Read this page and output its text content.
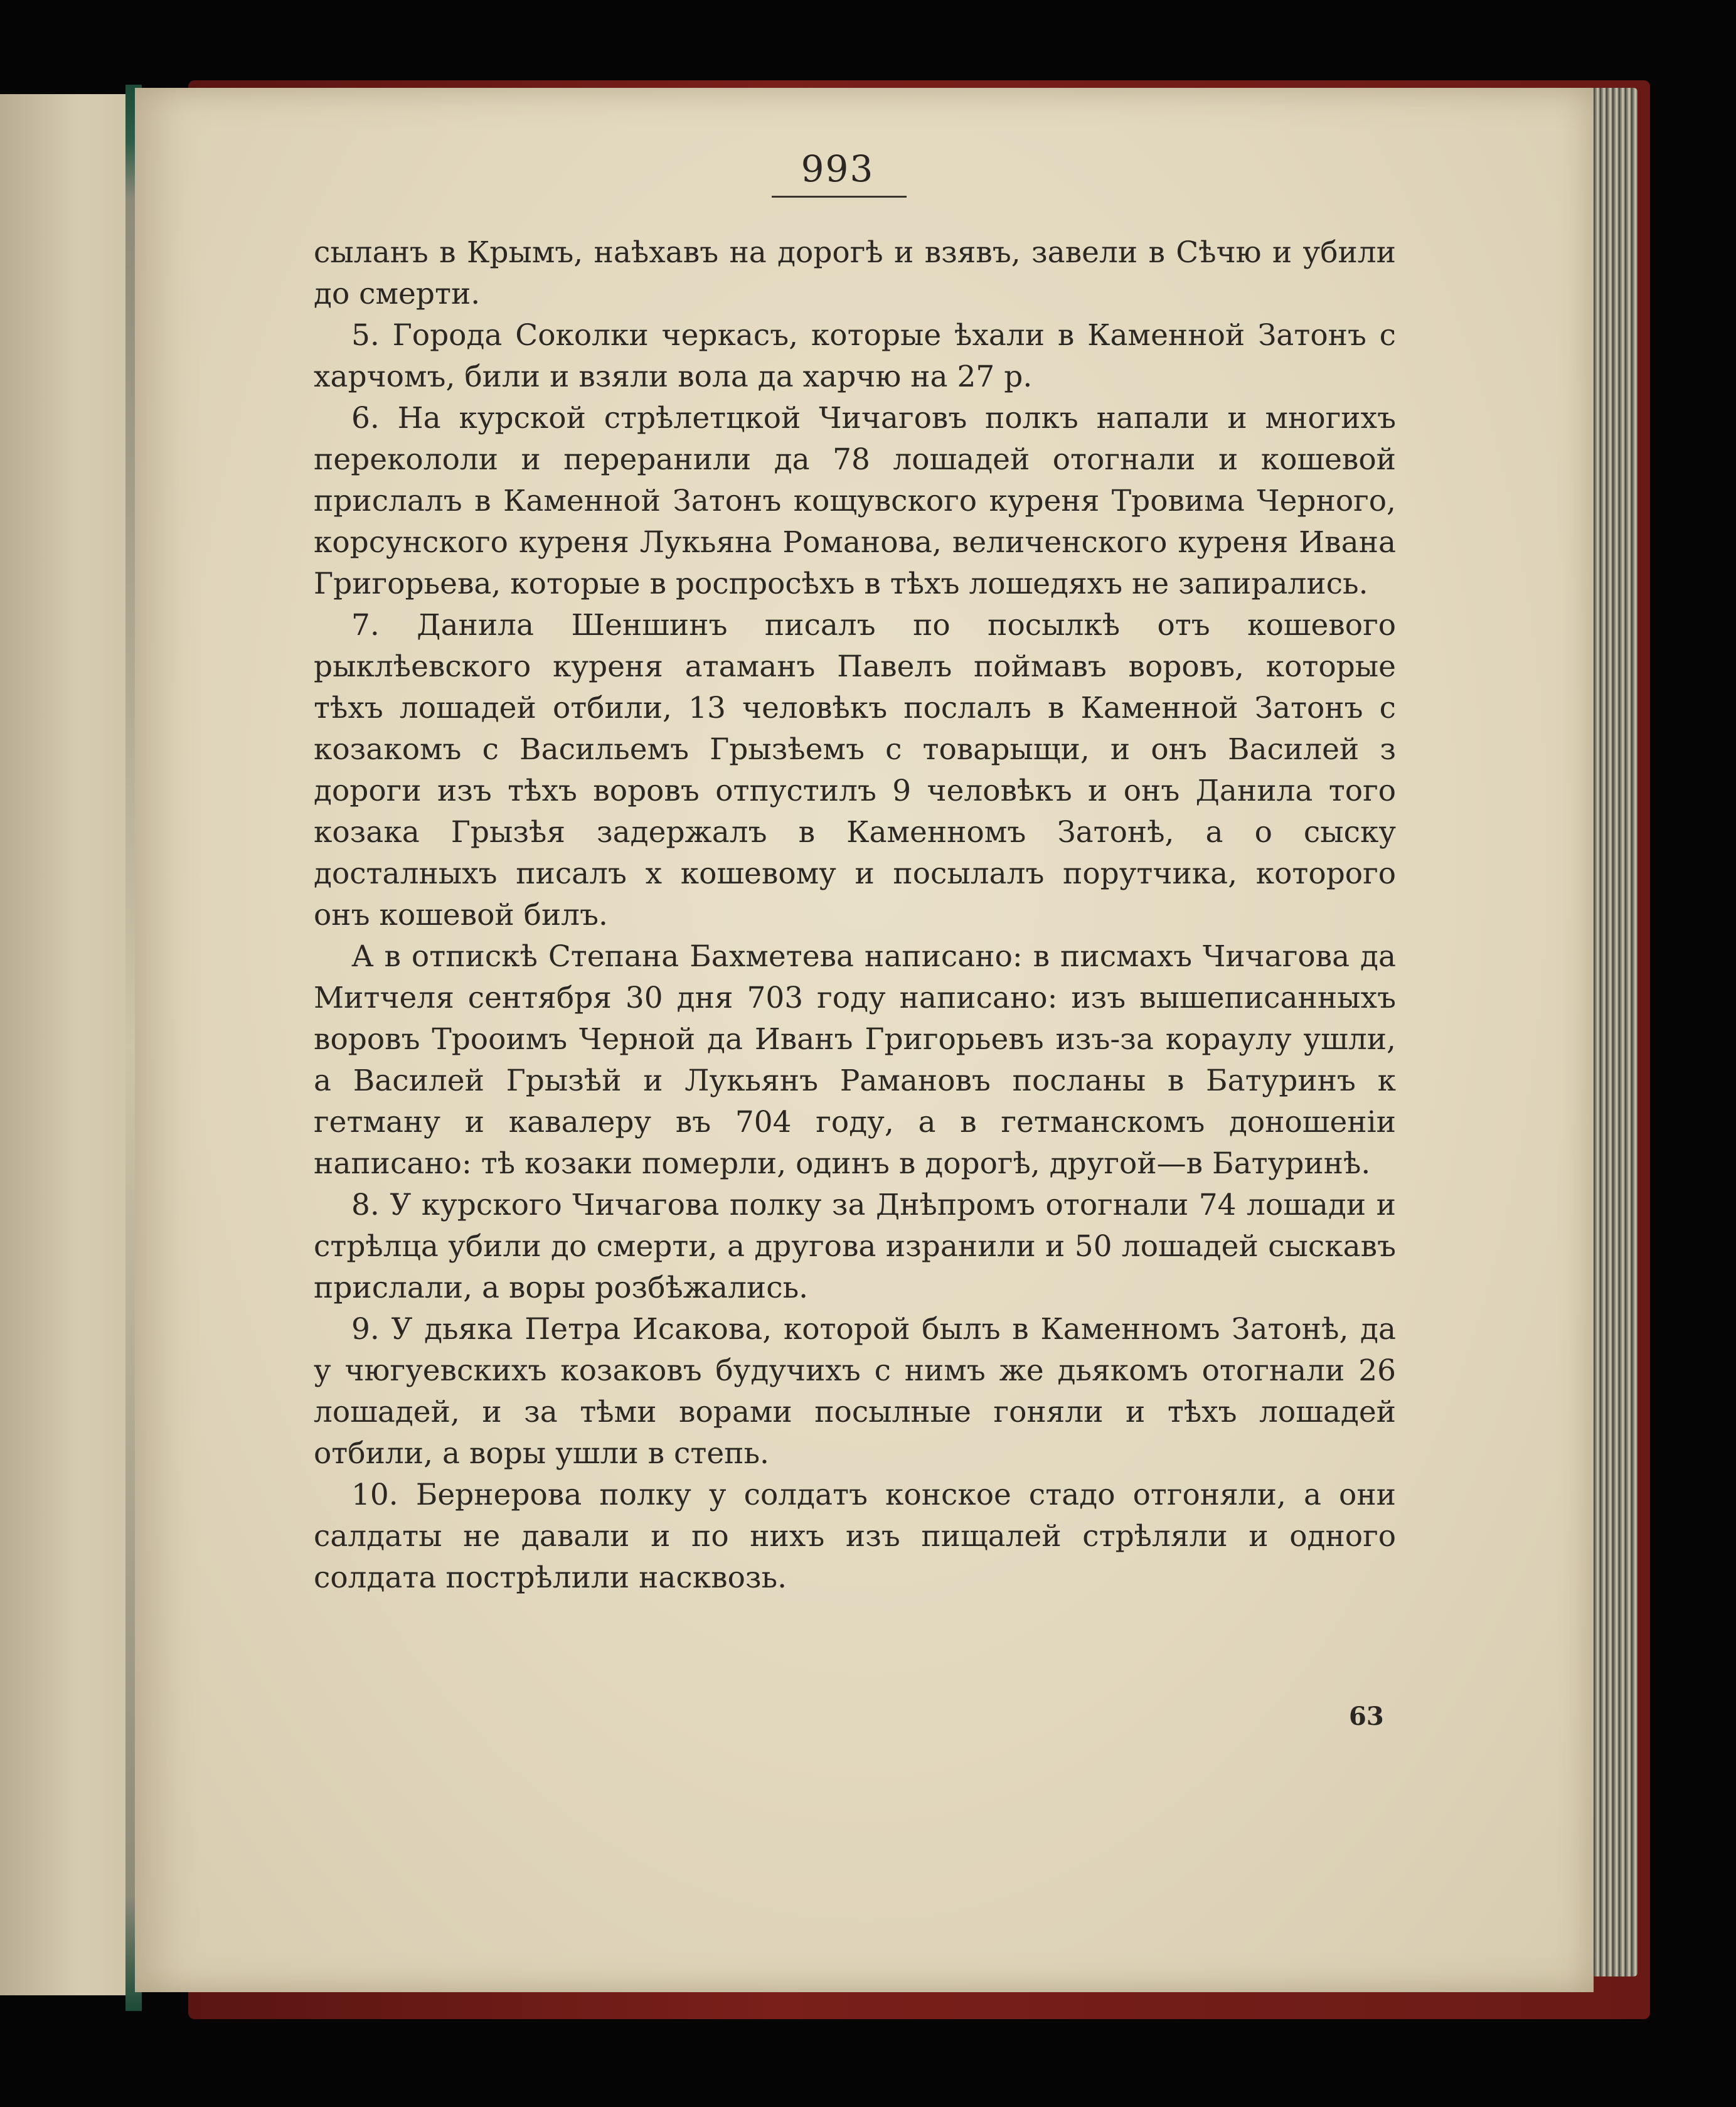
993

сыланъ в Крымъ, наѣхавъ на дорогѣ и взявъ, завели в Сѣчю и убили до смерти.

5. Города Соколки черкасъ, которые ѣхали в Каменной Затонъ с харчомъ, били и взяли вола да харчю на 27 р.

6. На курской стрѣлетцкой Чичаговъ полкъ напали и многихъ перекололи и переранили да 78 лошадей отогнали и кошевой прислалъ в Каменной Затонъ кощувского куреня Тровима Черного, корсунского куреня Лукьяна Романова, величенского куреня Ивана Григорьева, которые в роспросѣхъ в тѣхъ лошедяхъ не запирались.

7. Данила Шеншинъ писалъ по посылкѣ отъ кошевого рыклѣевского куреня атаманъ Павелъ поймавъ воровъ, которые тѣхъ лошадей отбили, 13 человѣкъ послалъ в Каменной Затонъ с козакомъ с Васильемъ Грызѣемъ с товарыщи, и онъ Василей з дороги изъ тѣхъ воровъ отпустилъ 9 человѣкъ и онъ Данила того козака Грызѣя задержалъ в Каменномъ Затонѣ, а о сыску досталныхъ писалъ х кошевому и посылалъ порутчика, которого онъ кошевой билъ.

А в отпискѣ Степана Бахметева написано: в писмахъ Чичагова да Митчеля сентября 30 дня 703 году написано: изъ вышеписанныхъ воровъ Трооимъ Черной да Иванъ Григорьевъ изъ-за кораулу ушли, а Василей Грызѣй и Лукьянъ Рамановъ посланы в Батуринъ к гетману и кавалеру въ 704 году, а в гетманскомъ доношенiи написано: тѣ козаки померли, одинъ в дорогѣ, другой—в Батуринѣ.

8. У курского Чичагова полку за Днѣпромъ отогнали 74 лошади и стрѣлца убили до смерти, а другова изранили и 50 лошадей сыскавъ прислали, а воры розбѣжались.

9. У дьяка Петра Исакова, которой былъ в Каменномъ Затонѣ, да у чюгуевскихъ козаковъ будучихъ с нимъ же дьякомъ отогнали 26 лошадей, и за тѣми ворами посылные гоняли и тѣхъ лошадей отбили, а воры ушли в степь.

10. Бернерова полку у солдатъ конское стадо отгоняли, а они салдаты не давали и по нихъ изъ пищалей стрѣляли и одного солдата пострѣлили насквозь.

63
